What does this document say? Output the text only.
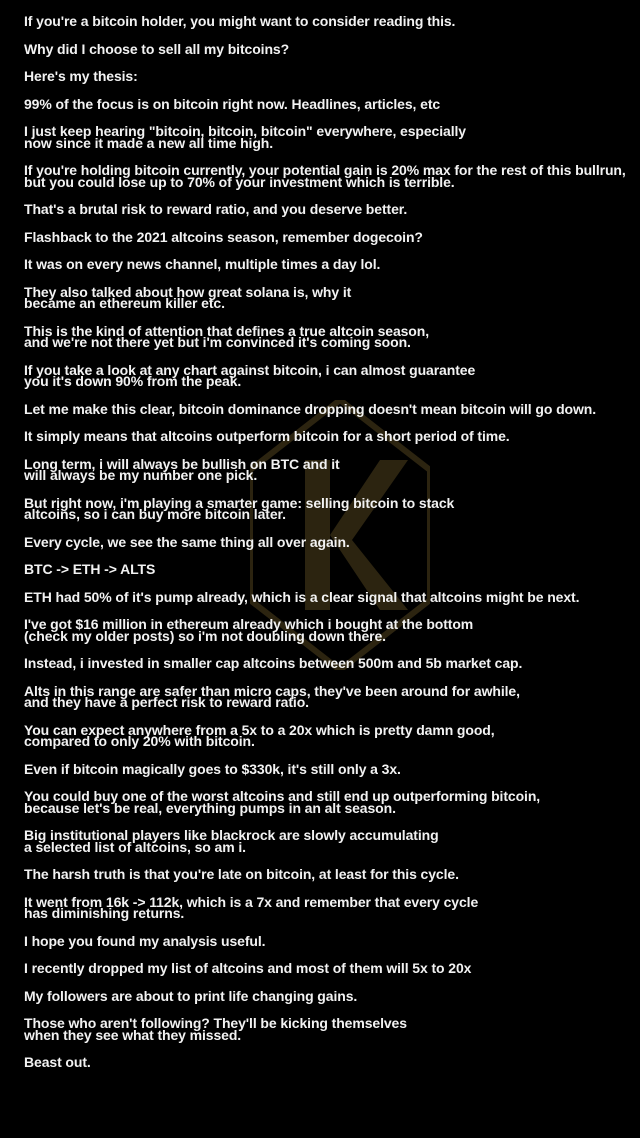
If you're a bitcoin holder, you might want to consider reading this.

Why did I choose to sell all my bitcoins?

Here's my thesis:

99% of the focus is on bitcoin right now. Headlines, articles, etc

I just keep hearing "bitcoin, bitcoin, bitcoin" everywhere, especially
now since it made a new all time high.

If you're holding bitcoin currently, your potential gain is 20% max for the rest of this bullrun,
but you could lose up to 70% of your investment which is terrible.

That's a brutal risk to reward ratio, and you deserve better.

Flashback to the 2021 altcoins season, remember dogecoin?

It was on every news channel, multiple times a day lol.

They also talked about how great solana is, why it
became an ethereum killer etc.

This is the kind of attention that defines a true altcoin season,
and we're not there yet but i'm convinced it's coming soon.

If you take a look at any chart against bitcoin, i can almost guarantee
you it's down 90% from the peak.

Let me make this clear, bitcoin dominance dropping doesn't mean bitcoin will go down.

It simply means that altcoins outperform bitcoin for a short period of time.

Long term, i will always be bullish on BTC and it
will always be my number one pick.

But right now, i'm playing a smarter game: selling bitcoin to stack
altcoins, so i can buy more bitcoin later.

Every cycle, we see the same thing all over again.

BTC -> ETH -> ALTS

ETH had 50% of it's pump already, which is a clear signal that altcoins might be next.

I've got $16 million in ethereum already which i bought at the bottom
(check my older posts) so i'm not doubling down there.

Instead, i invested in smaller cap altcoins between 500m and 5b market cap.

Alts in this range are safer than micro caps, they've been around for awhile,
and they have a perfect risk to reward ratio.

You can expect anywhere from a 5x to a 20x which is pretty damn good,
compared to only 20% with bitcoin.

Even if bitcoin magically goes to $330k, it's still only a 3x.

You could buy one of the worst altcoins and still end up outperforming bitcoin,
because let's be real, everything pumps in an alt season.

Big institutional players like blackrock are slowly accumulating
a selected list of altcoins, so am i.

The harsh truth is that you're late on bitcoin, at least for this cycle.

It went from 16k -> 112k, which is a 7x and remember that every cycle
has diminishing returns.

I hope you found my analysis useful.

I recently dropped my list of altcoins and most of them will 5x to 20x

My followers are about to print life changing gains.

Those who aren't following? They'll be kicking themselves
when they see what they missed.

Beast out.
